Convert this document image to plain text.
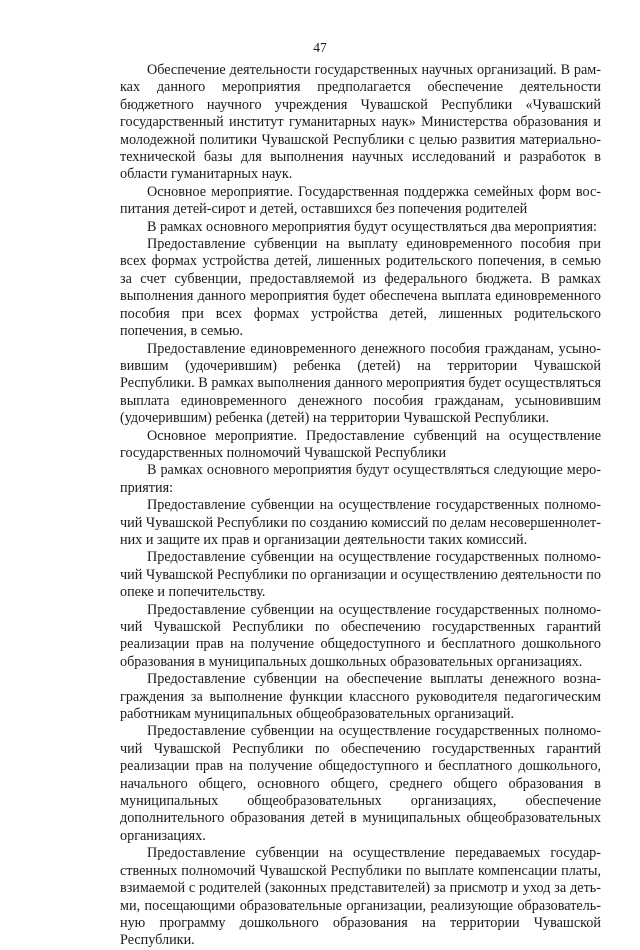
47

Обеспечение деятельности государственных научных организаций. В рамках данного мероприятия предполагается обеспечение деятельности бюджетного научного учреждения Чувашской Республики «Чувашский государственный институт гуманитарных наук» Министерства образования и молодежной политики Чувашской Республики с целью развития материально-технической базы для выполнения научных исследований и разработок в области гуманитарных наук.

Основное мероприятие. Государственная поддержка семейных форм воспитания детей-сирот и детей, оставшихся без попечения родителей

В рамках основного мероприятия будут осуществляться два мероприятия:

Предоставление субвенции на выплату единовременного пособия при всех формах устройства детей, лишенных родительского попечения, в семью за счет субвенции, предоставляемой из федерального бюджета. В рамках выполнения данного мероприятия будет обеспечена выплата единовременного пособия при всех формах устройства детей, лишенных родительского попечения, в семью.

Предоставление единовременного денежного пособия гражданам, усыновившим (удочерившим) ребенка (детей) на территории Чувашской Республики. В рамках выполнения данного мероприятия будет осуществляться выплата единовременного денежного пособия гражданам, усыновившим (удочерившим) ребенка (детей) на территории Чувашской Республики.

Основное мероприятие. Предоставление субвенций на осуществление государственных полномочий Чувашской Республики

В рамках основного мероприятия будут осуществляться следующие мероприятия:

Предоставление субвенции на осуществление государственных полномочий Чувашской Республики по созданию комиссий по делам несовершеннолетних и защите их прав и организации деятельности таких комиссий.

Предоставление субвенции на осуществление государственных полномочий Чувашской Республики по организации и осуществлению деятельности по опеке и попечительству.

Предоставление субвенции на осуществление государственных полномочий Чувашской Республики по обеспечению государственных гарантий реализации прав на получение общедоступного и бесплатного дошкольного образования в муниципальных дошкольных образовательных организациях.

Предоставление субвенции на обеспечение выплаты денежного вознаграждения за выполнение функции классного руководителя педагогическим работникам муниципальных общеобразовательных организаций.

Предоставление субвенции на осуществление государственных полномочий Чувашской Республики по обеспечению государственных гарантий реализации прав на получение общедоступного и бесплатного дошкольного, начального общего, основного общего, среднего общего образования в муниципальных общеобразовательных организациях, обеспечение дополнительного образования детей в муниципальных общеобразовательных организациях.

Предоставление субвенции на осуществление передаваемых государственных полномочий Чувашской Республики по выплате компенсации платы, взимаемой с родителей (законных представителей) за присмотр и уход за детьми, посещающими образовательные организации, реализующие образовательную программу дошкольного образования на территории Чувашской Республики.
